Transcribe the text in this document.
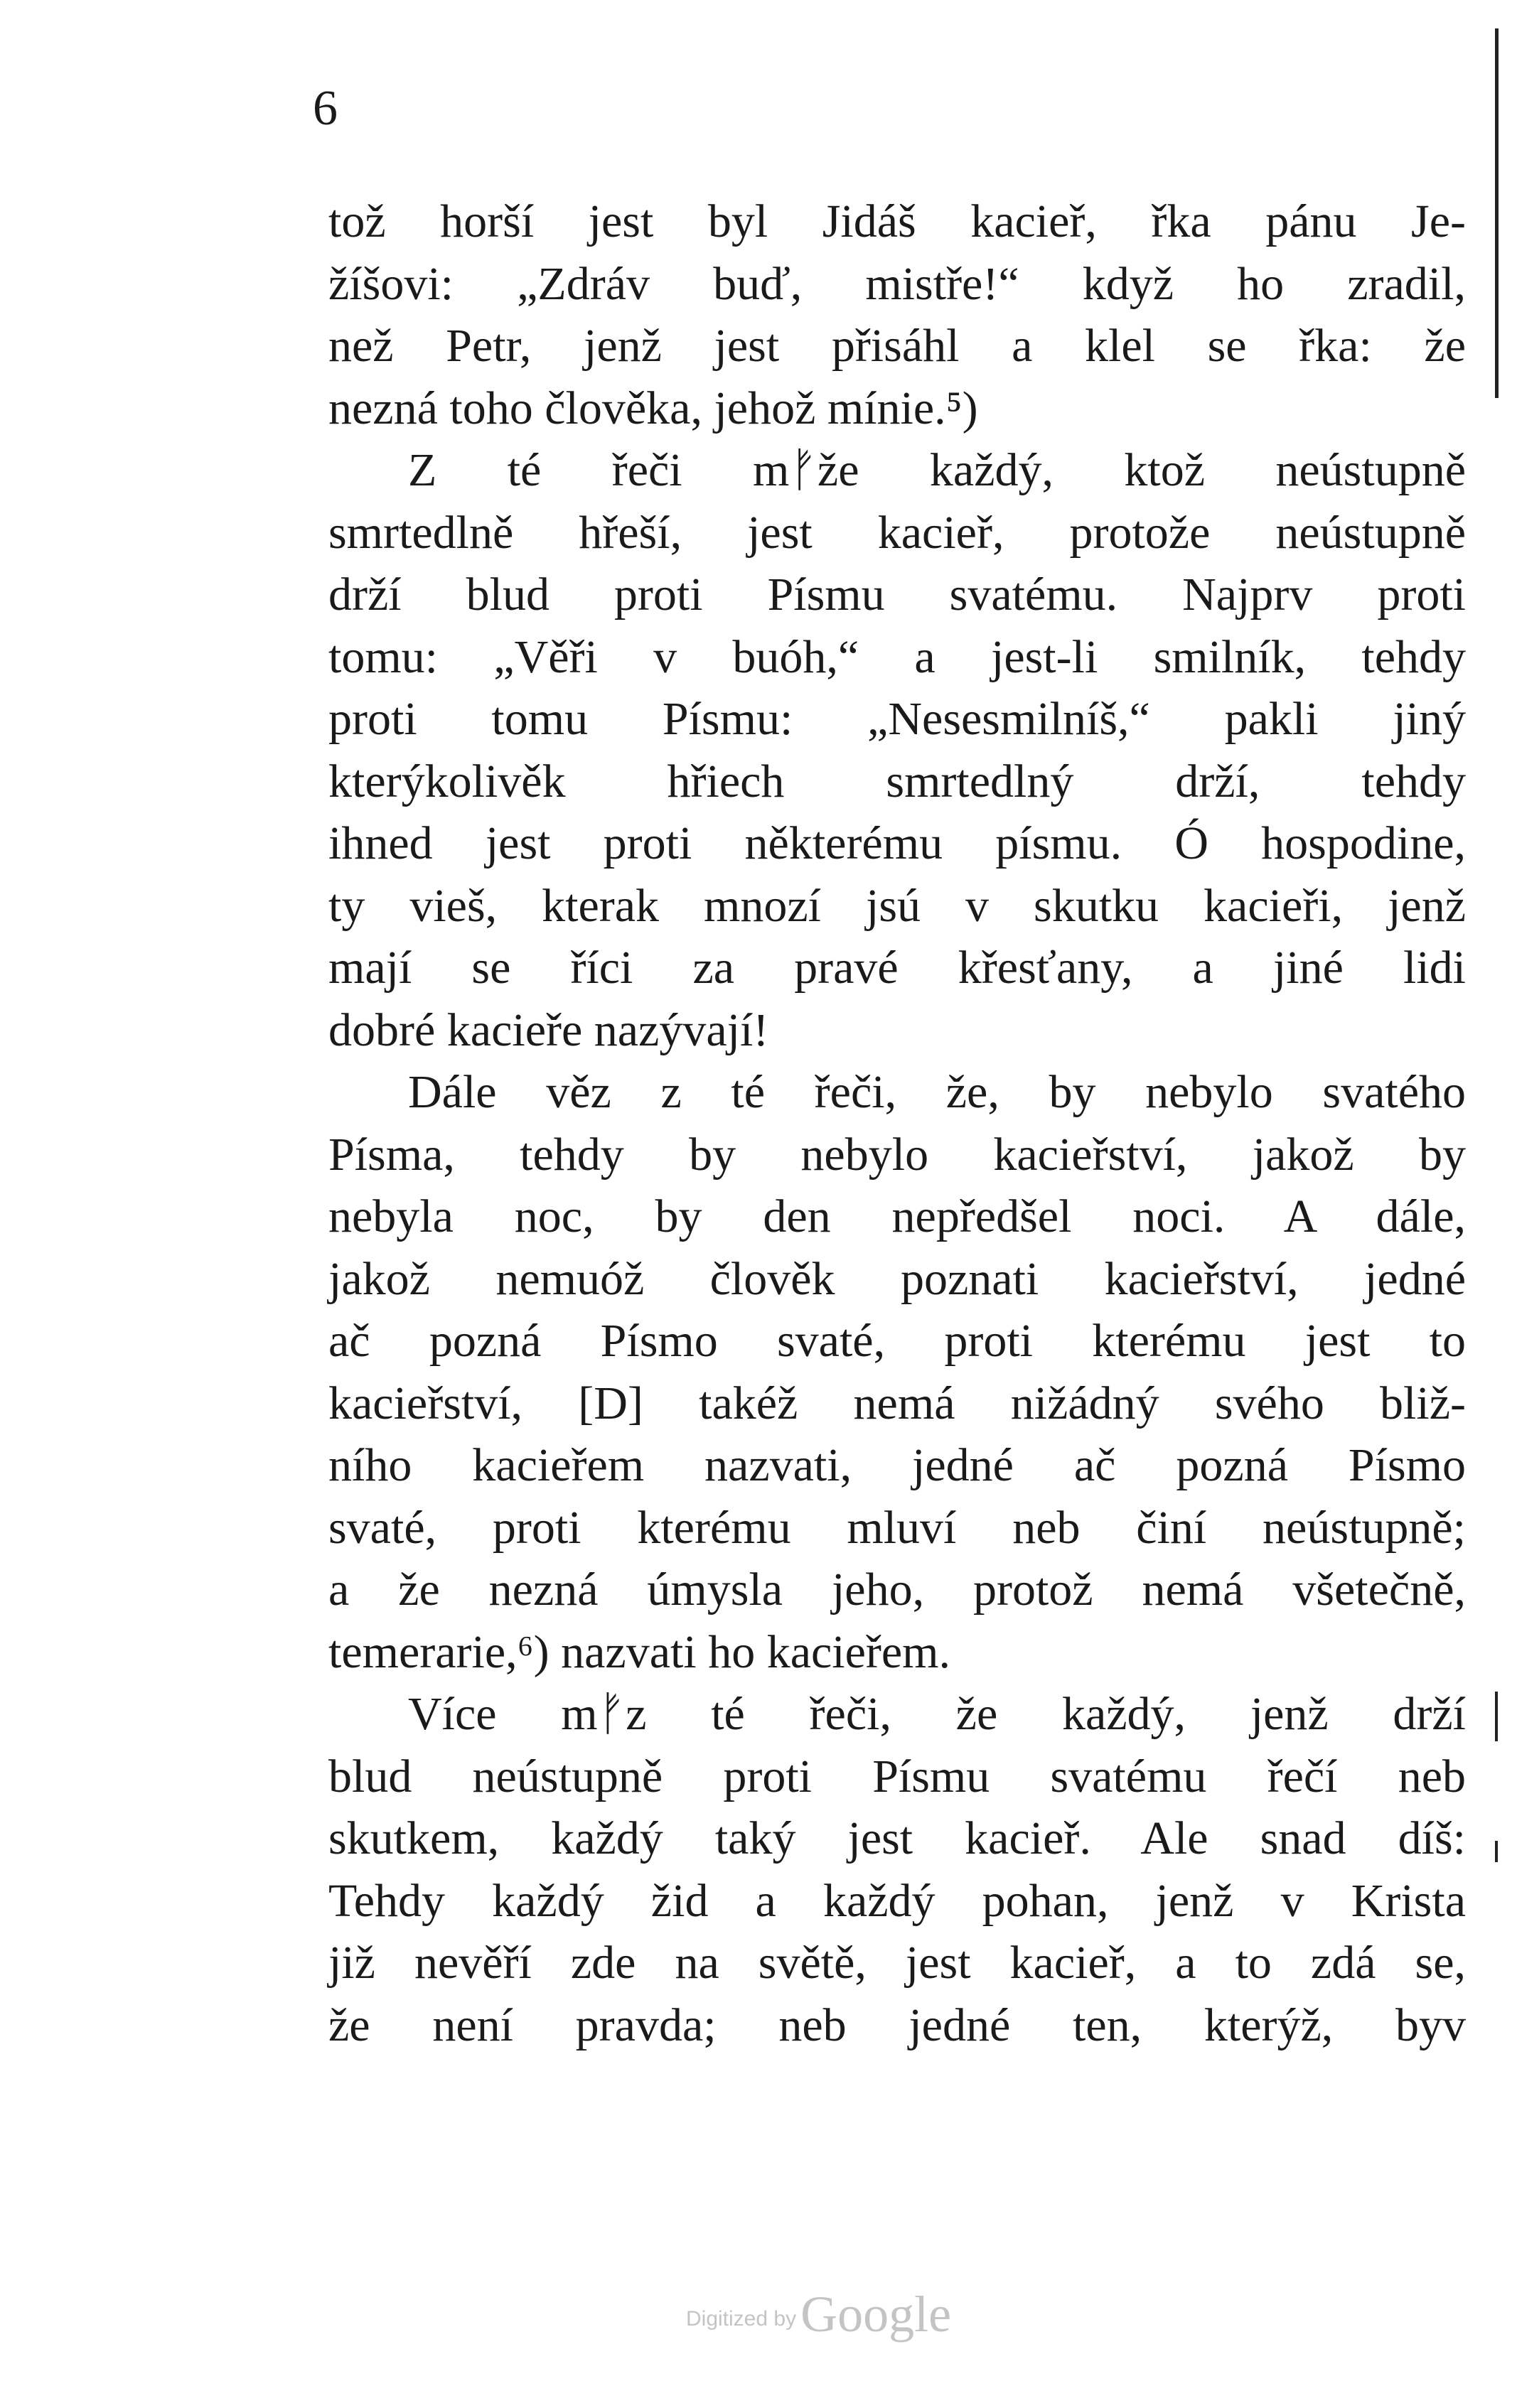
6
tož horší jest byl Jidáš kacieř, řka pánu Je-
žíšovi: „Zdráv buď, mistře!“ když ho zradil,
než Petr, jenž jest přisáhl a klel se řka: že
nezná toho člověka, jehož mínie.⁵)
Z té řeči mᚠže každý, ktož neústupně
smrtedlně hřeší, jest kacieř, protože neústupně
drží blud proti Písmu svatému. Najprv proti
tomu: „Věři v buóh,“ a jest-li smilník, tehdy
proti tomu Písmu: „Nesesmilníš,“ pakli jiný
kterýkolivěk hřiech smrtedlný drží, tehdy
ihned jest proti některému písmu. Ó hospodine,
ty vieš, kterak mnozí jsú v skutku kacieři, jenž
mají se říci za pravé křesťany, a jiné lidi
dobré kacieře nazývají!
Dále věz z té řeči, že, by nebylo svatého
Písma, tehdy by nebylo kacieřství, jakož by
nebyla noc, by den nepředšel noci. A dále,
jakož nemuóž člověk poznati kacieřství, jedné
ač pozná Písmo svaté, proti kterému jest to
kacieřství, [D] takéž nemá nižádný svého bliž-
ního kacieřem nazvati, jedné ač pozná Písmo
svaté, proti kterému mluví neb činí neústupně;
a že nezná úmysla jeho, protož nemá všetečně,
temerarie,⁶) nazvati ho kacieřem.
Více mᚠz té řeči, že každý, jenž drží
blud neústupně proti Písmu svatému řečí neb
skutkem, každý taký jest kacieř. Ale snad díš:
Tehdy každý žid a každý pohan, jenž v Krista
již nevěří zde na světě, jest kacieř, a to zdá se,
že není pravda; neb jedné ten, kterýž, byv
Digitized byGoogle
